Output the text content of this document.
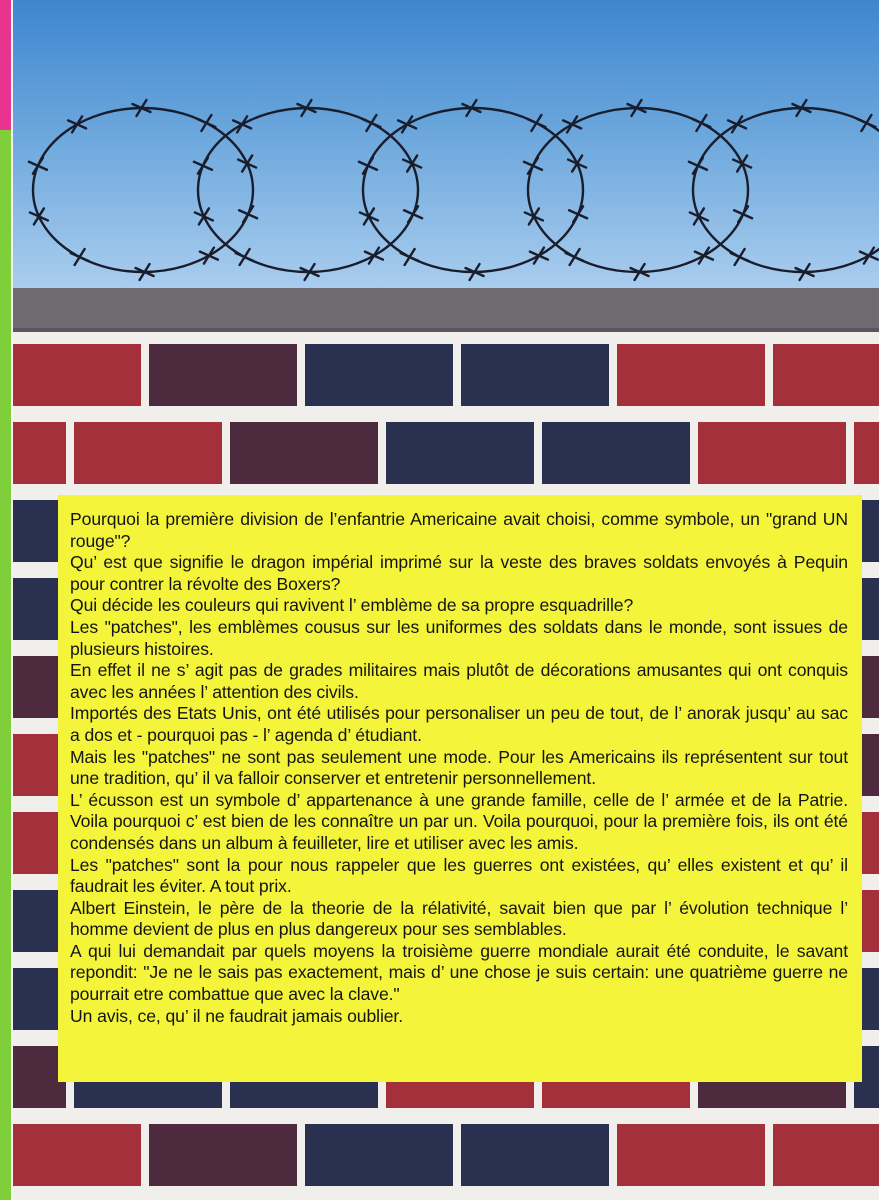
Pourquoi la première division de l’enfantrie Americaine avait choisi, comme symbole, un "grand UN rouge"?

Qu’ est que signifie le dragon impérial imprimé sur la veste des braves soldats envoyés à Pequin pour contrer la révolte des Boxers?

Qui décide les couleurs qui ravivent l’ emblème de sa propre esquadrille?

Les "patches", les emblèmes cousus sur les uniformes des soldats dans le monde, sont issues de plusieurs histoires.

En effet il ne s’ agit pas de grades militaires mais plutôt de décorations amusantes qui ont conquis avec les années l’ attention des civils.

Importés des Etats Unis, ont été utilisés pour personaliser un peu de tout, de l’ anorak jusqu’ au sac a dos et - pourquoi pas - l’ agenda d’ étudiant.

Mais les "patches" ne sont pas seulement une mode. Pour les Americains ils représentent sur tout une tradition, qu’ il va falloir conserver et entretenir personnellement.

L’ écusson est un symbole d’ appartenance à une grande famille, celle de l’ armée et de la Patrie. Voila pourquoi c’ est bien de les connaître un par un. Voila pourquoi, pour la première fois, ils ont été condensés dans un album à feuilleter, lire et utiliser avec les amis.

Les "patches" sont la pour nous rappeler que les guerres ont existées, qu’ elles existent et qu’ il faudrait les éviter. A tout prix.

Albert Einstein, le père de la theorie de la rélativité, savait bien que par l’ évolution technique l’ homme devient de plus en plus dangereux pour ses semblables.

A qui lui demandait par quels moyens la troisième guerre mondiale aurait été conduite, le savant repondit: "Je ne le sais pas exactement, mais d’ une chose je suis certain: une quatrième guerre ne pourrait etre combattue que avec la clave."

Un avis, ce, qu’ il ne faudrait jamais oublier.
